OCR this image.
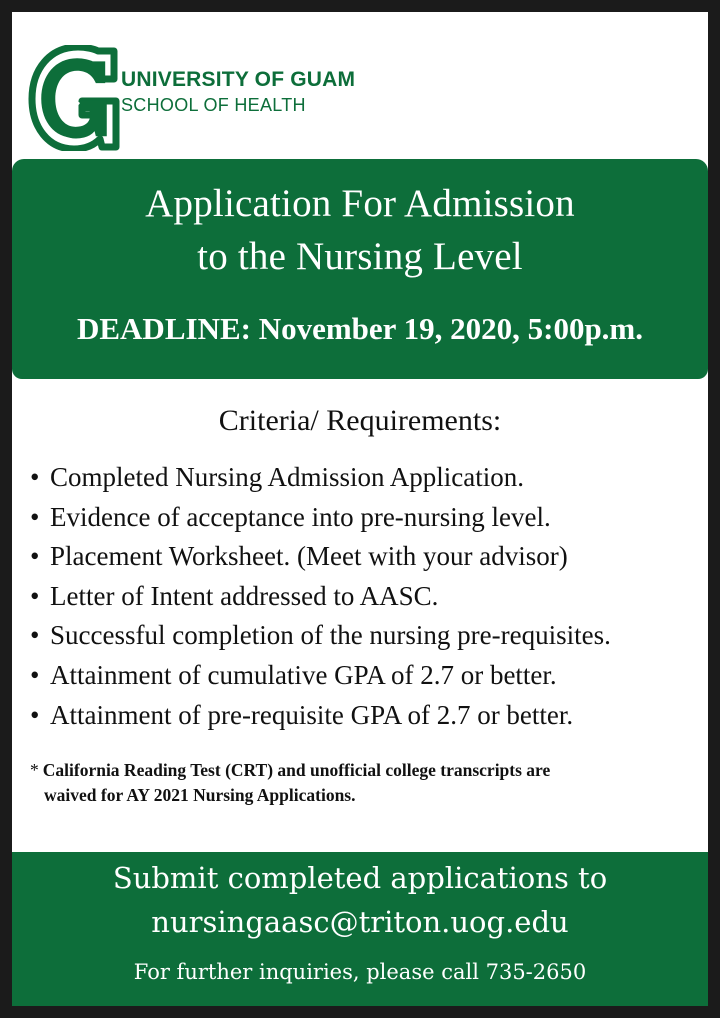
UNIVERSITY OF GUAM
SCHOOL OF HEALTH
Application For Admission
to the Nursing Level
DEADLINE: November 19, 2020, 5:00p.m.
Criteria/ Requirements:
• Completed Nursing Admission Application.
• Evidence of acceptance into pre-nursing level.
• Placement Worksheet. (Meet with your advisor)
• Letter of Intent addressed to AASC.
• Successful completion of the nursing pre-requisites.
• Attainment of cumulative GPA of 2.7 or better.
• Attainment of pre-requisite GPA of 2.7 or better.
* California Reading Test (CRT) and unofficial college transcripts are
waived for AY 2021 Nursing Applications.
Submit completed applications to
nursingaasc@triton.uog.edu
For further inquiries, please call 735-2650
